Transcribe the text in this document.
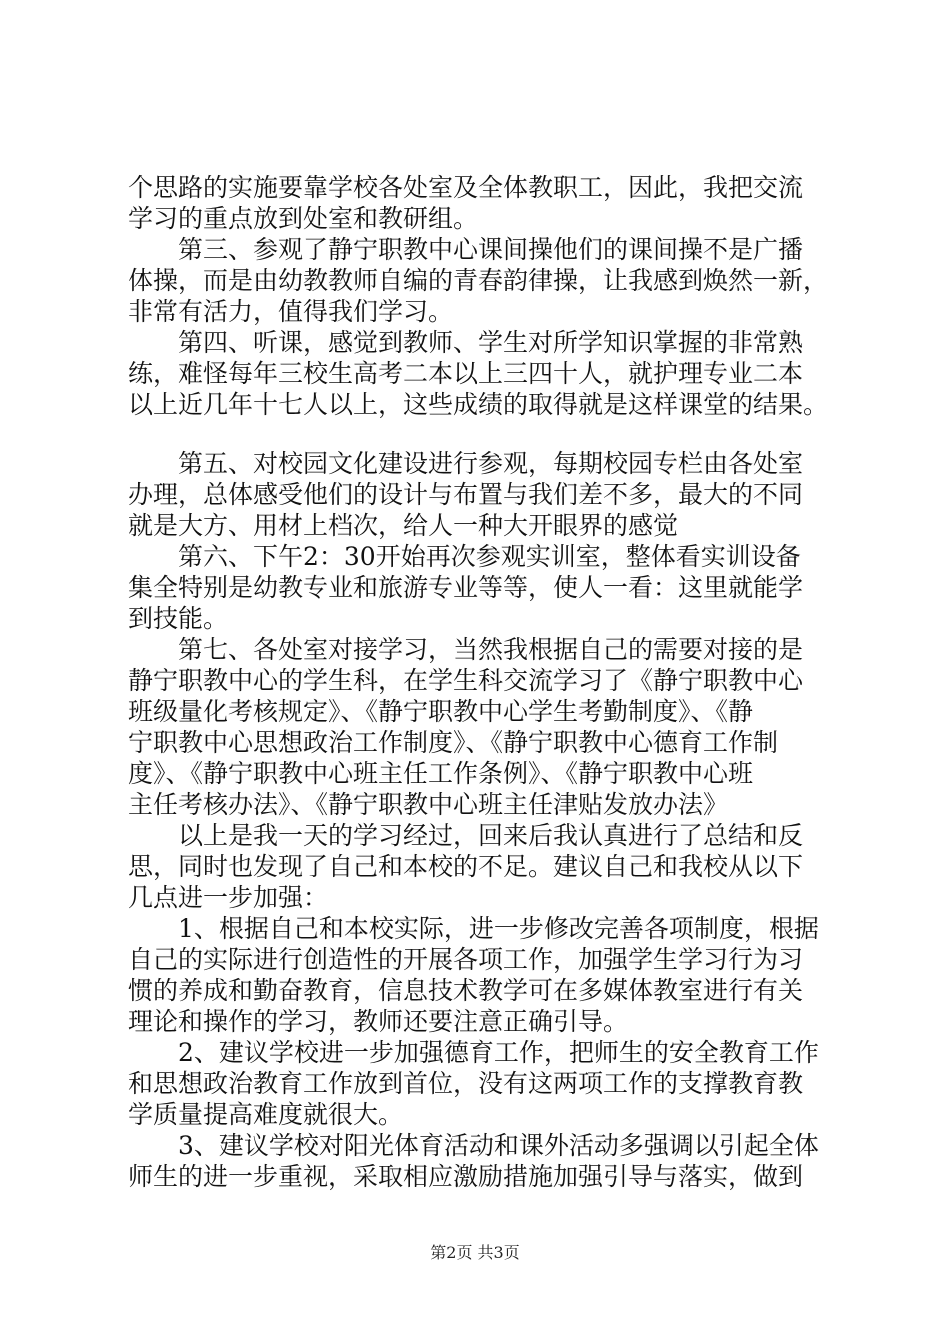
个思路的实施要靠学校各处室及全体教职工，因此，我把交流
学习的重点放到处室和教研组。
　　第三、参观了静宁职教中心课间操他们的课间操不是广播
体操，而是由幼教教师自编的青春韵律操，让我感到焕然一新，
非常有活力，值得我们学习。
　　第四、听课，感觉到教师、学生对所学知识掌握的非常熟
练，难怪每年三校生高考二本以上三四十人，就护理专业二本
以上近几年十七人以上，这些成绩的取得就是这样课堂的结果。
　　第五、对校园文化建设进行参观，每期校园专栏由各处室
办理，总体感受他们的设计与布置与我们差不多，最大的不同
就是大方、用材上档次，给人一种大开眼界的感觉
　　第六、下午2：30开始再次参观实训室，整体看实训设备
集全特别是幼教专业和旅游专业等等，使人一看：这里就能学
到技能。
　　第七、各处室对接学习，当然我根据自己的需要对接的是
静宁职教中心的学生科，在学生科交流学习了《静宁职教中心
班级量化考核规定》、《静宁职教中心学生考勤制度》、《静
宁职教中心思想政治工作制度》、《静宁职教中心德育工作制
度》、《静宁职教中心班主任工作条例》、《静宁职教中心班
主任考核办法》、《静宁职教中心班主任津贴发放办法》
　　以上是我一天的学习经过，回来后我认真进行了总结和反
思，同时也发现了自己和本校的不足。建议自己和我校从以下
几点进一步加强：
　　1、根据自己和本校实际，进一步修改完善各项制度，根据
自己的实际进行创造性的开展各项工作，加强学生学习行为习
惯的养成和勤奋教育，信息技术教学可在多媒体教室进行有关
理论和操作的学习，教师还要注意正确引导。
　　2、建议学校进一步加强德育工作，把师生的安全教育工作
和思想政治教育工作放到首位，没有这两项工作的支撑教育教
学质量提高难度就很大。
　　3、建议学校对阳光体育活动和课外活动多强调以引起全体
师生的进一步重视，采取相应激励措施加强引导与落实，做到
第2页 共3页
